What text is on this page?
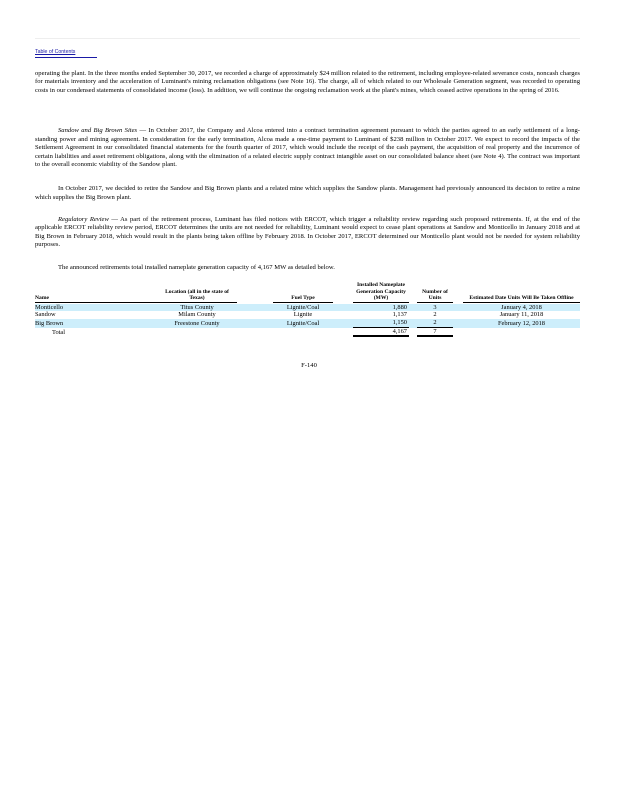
Table of Contents

operating the plant. In the three months ended September 30, 2017, we recorded a charge of approximately $24 million related to the retirement, including employee-related severance costs, noncash charges for materials inventory and the acceleration of Luminant's mining reclamation obligations (see Note 16). The charge, all of which related to our Wholesale Generation segment, was recorded to operating costs in our condensed statements of consolidated income (loss). In addition, we will continue the ongoing reclamation work at the plant's mines, which ceased active operations in the spring of 2016.

Sandow and Big Brown Sites — In October 2017, the Company and Alcoa entered into a contract termination agreement pursuant to which the parties agreed to an early settlement of a long-standing power and mining agreement. In consideration for the early termination, Alcoa made a one-time payment to Luminant of $238 million in October 2017. We expect to record the impacts of the Settlement Agreement in our consolidated financial statements for the fourth quarter of 2017, which would include the receipt of the cash payment, the acquisition of real property and the incurrence of certain liabilities and asset retirement obligations, along with the elimination of a related electric supply contract intangible asset on our consolidated balance sheet (see Note 4). The contract was important to the overall economic viability of the Sandow plant.

In October 2017, we decided to retire the Sandow and Big Brown plants and a related mine which supplies the Sandow plants. Management had previously announced its decision to retire a mine which supplies the Big Brown plant.

Regulatory Review — As part of the retirement process, Luminant has filed notices with ERCOT, which trigger a reliability review regarding such proposed retirements. If, at the end of the applicable ERCOT reliability review period, ERCOT determines the units are not needed for reliability, Luminant would expect to cease plant operations at Sandow and Monticello in January 2018 and at Big Brown in February 2018, which would result in the plants being taken offline by February 2018. In October 2017, ERCOT determined our Monticello plant would not be needed for system reliability purposes.

The announced retirements total installed nameplate generation capacity of 4,167 MW as detailed below.

Name	Location (all in the state of Texas)		Fuel Type		Installed Nameplate Generation Capacity (MW)		Number of Units		Estimated Date Units Will Be Taken Offline

Monticello	Titus County		Lignite/Coal		1,880		3		January 4, 2018
Sandow	Milam County		Lignite		1,137		2		January 11, 2018
Big Brown	Freestone County		Lignite/Coal		1,150		2		February 12, 2018
Total					4,167		7		
F-140
